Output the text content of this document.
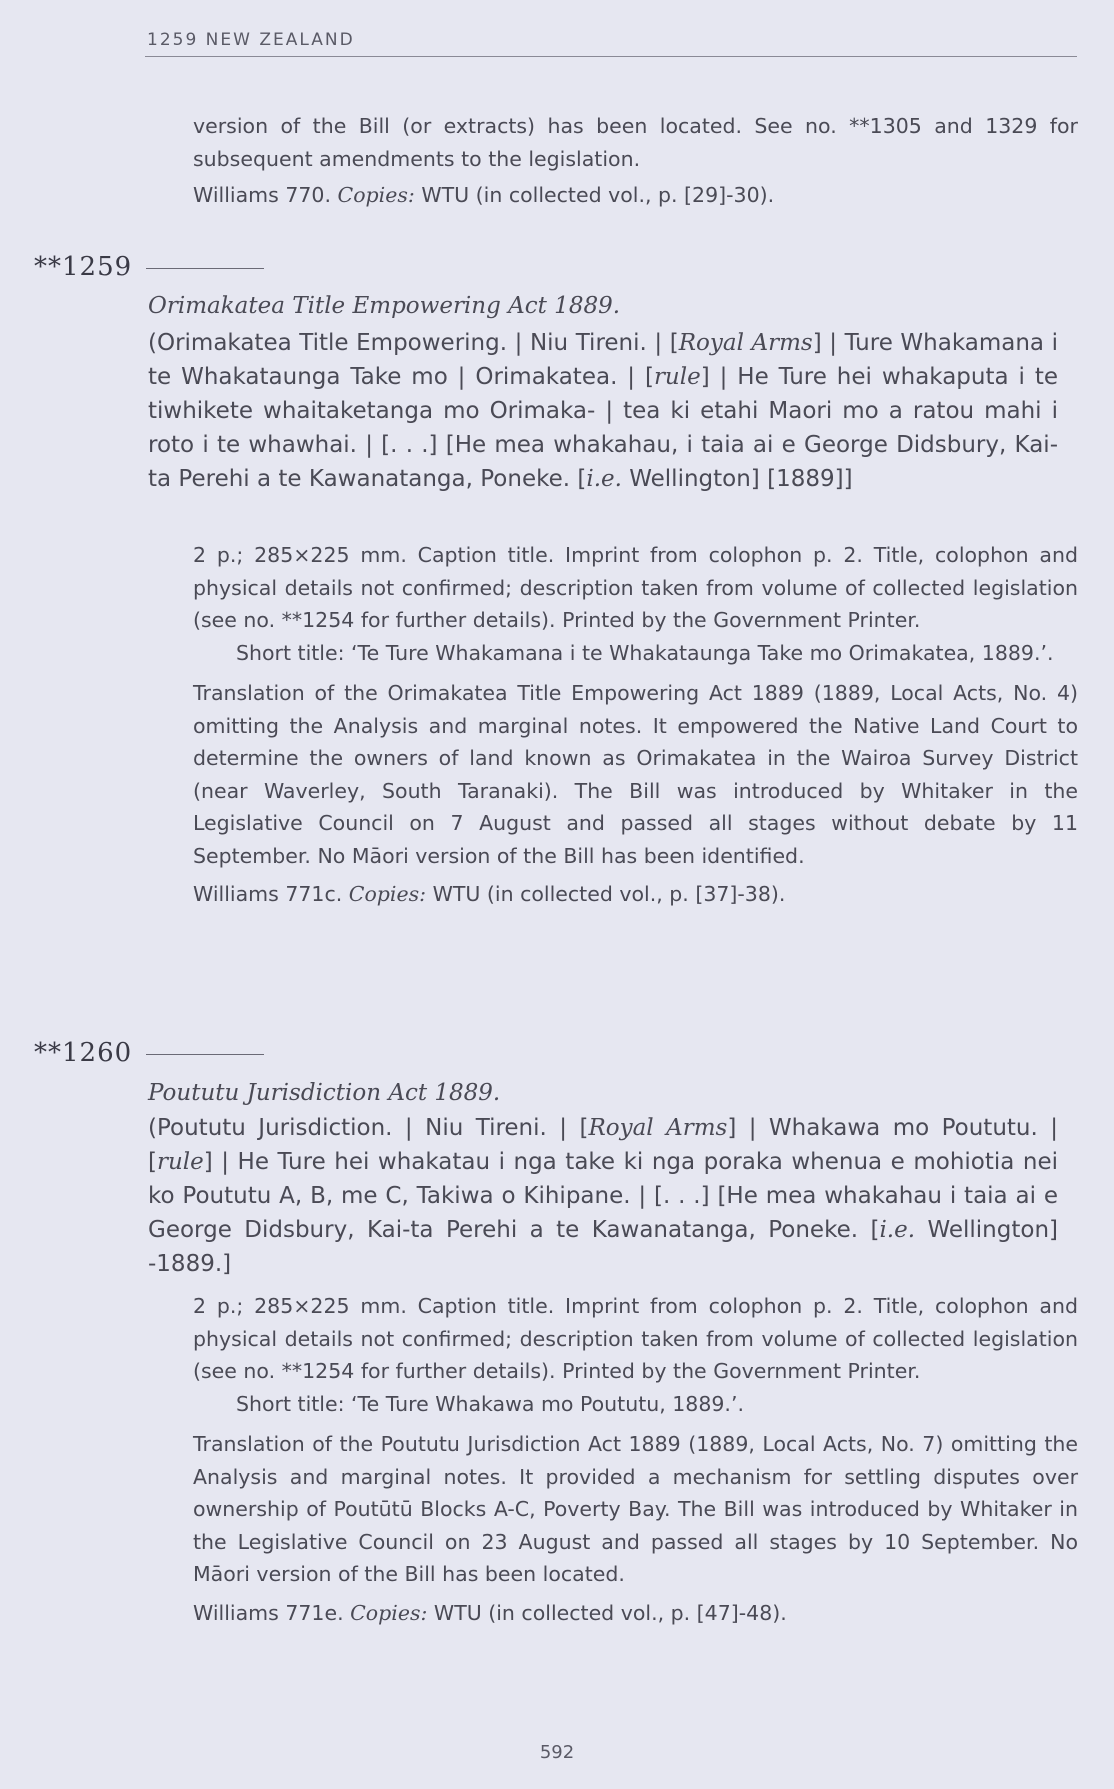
1259 NEW ZEALAND

version of the Bill (or extracts) has been located. See no. **1305 and 1329 for subsequent amendments to the legislation.

Williams 770. Copies: WTU (in collected vol., p. [29]-30).

**1259
Orimakatea Title Empowering Act 1889.
(Orimakatea Title Empowering. | Niu Tireni. | [Royal Arms] | Ture Whakamana i te Whakataunga Take mo | Orimakatea. | [rule] | He Ture hei whakaputa i te tiwhikete whaitaketanga mo Orimaka- | tea ki etahi Maori mo a ratou mahi i roto i te whawhai. | [. . .] [He mea whakahau, i taia ai e George Didsbury, Kai-ta Perehi a te Kawanatanga, Poneke. [i.e. Wellington] [1889]]

2 p.; 285×225 mm. Caption title. Imprint from colophon p. 2. Title, colophon and physical details not confirmed; description taken from volume of collected legislation (see no. **1254 for further details). Printed by the Government Printer.

Short title: ‘Te Ture Whakamana i te Whakataunga Take mo Orimakatea, 1889.’.

Translation of the Orimakatea Title Empowering Act 1889 (1889, Local Acts, No. 4) omitting the Analysis and marginal notes. It empowered the Native Land Court to determine the owners of land known as Orimakatea in the Wairoa Survey District (near Waverley, South Taranaki). The Bill was introduced by Whitaker in the Legislative Council on 7 August and passed all stages without debate by 11 September. No Māori version of the Bill has been identified.

Williams 771c. Copies: WTU (in collected vol., p. [37]-38).

**1260
Poututu Jurisdiction Act 1889.
(Poututu Jurisdiction. | Niu Tireni. | [Royal Arms] | Whakawa mo Poututu. | [rule] | He Ture hei whakatau i nga take ki nga poraka whenua e mohiotia nei ko Poututu A, B, me C, Takiwa o Kihipane. | [. . .] [He mea whakahau i taia ai e George Didsbury, Kai-ta Perehi a te Kawanatanga, Poneke. [i.e. Wellington] -1889.]

2 p.; 285×225 mm. Caption title. Imprint from colophon p. 2. Title, colophon and physical details not confirmed; description taken from volume of collected legislation (see no. **1254 for further details). Printed by the Government Printer.

Short title: ‘Te Ture Whakawa mo Poututu, 1889.’.

Translation of the Poututu Jurisdiction Act 1889 (1889, Local Acts, No. 7) omitting the Analysis and marginal notes. It provided a mechanism for settling disputes over ownership of Poutūtū Blocks A-C, Poverty Bay. The Bill was introduced by Whitaker in the Legislative Council on 23 August and passed all stages by 10 September. No Māori version of the Bill has been located.

Williams 771e. Copies: WTU (in collected vol., p. [47]-48).

592
